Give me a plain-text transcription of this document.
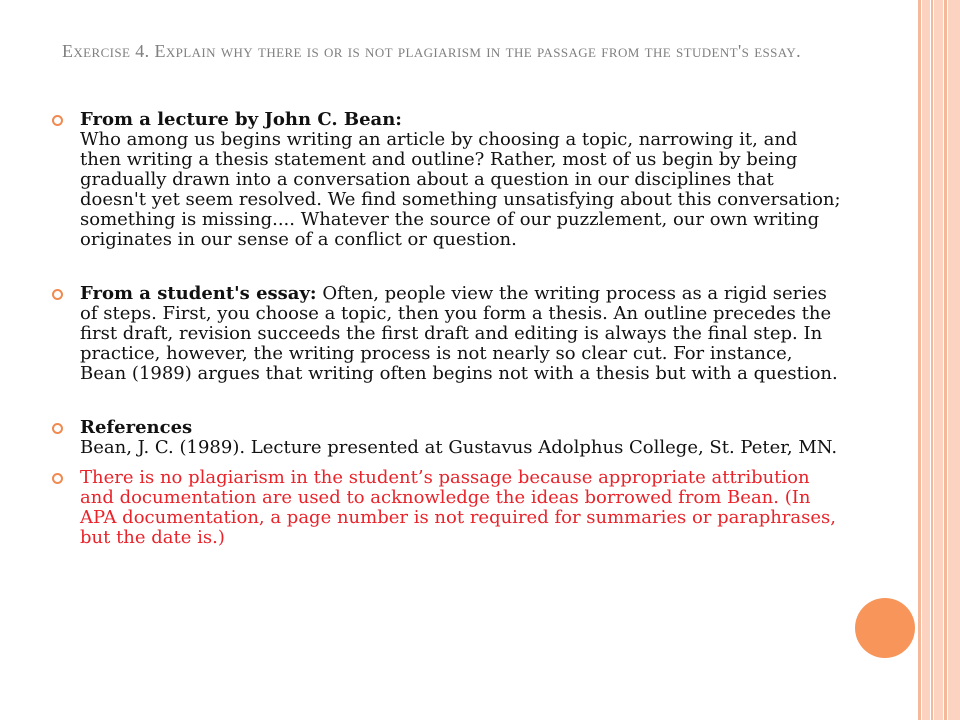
Exercise 4. Explain why there is or is not plagiarism in the passage from the student's essay.
From a lecture by John C. Bean:
Who among us begins writing an article by choosing a topic, narrowing it, and then writing a thesis statement and outline? Rather, most of us begin by being gradually drawn into a conversation about a question in our disciplines that doesn't yet seem resolved. We find something unsatisfying about this conversation; something is missing.... Whatever the source of our puzzlement, our own writing originates in our sense of a conflict or question.
From a student's essay: Often, people view the writing process as a rigid series of steps. First, you choose a topic, then you form a thesis. An outline precedes the first draft, revision succeeds the first draft and editing is always the final step. In practice, however, the writing process is not nearly so clear cut. For instance, Bean (1989) argues that writing often begins not with a thesis but with a question.
References
Bean, J. C. (1989). Lecture presented at Gustavus Adolphus College, St. Peter, MN.
There is no plagiarism in the student’s passage because appropriate attribution and documentation are used to acknowledge the ideas borrowed from Bean. (In APA documentation, a page number is not required for summaries or paraphrases, but the date is.)
